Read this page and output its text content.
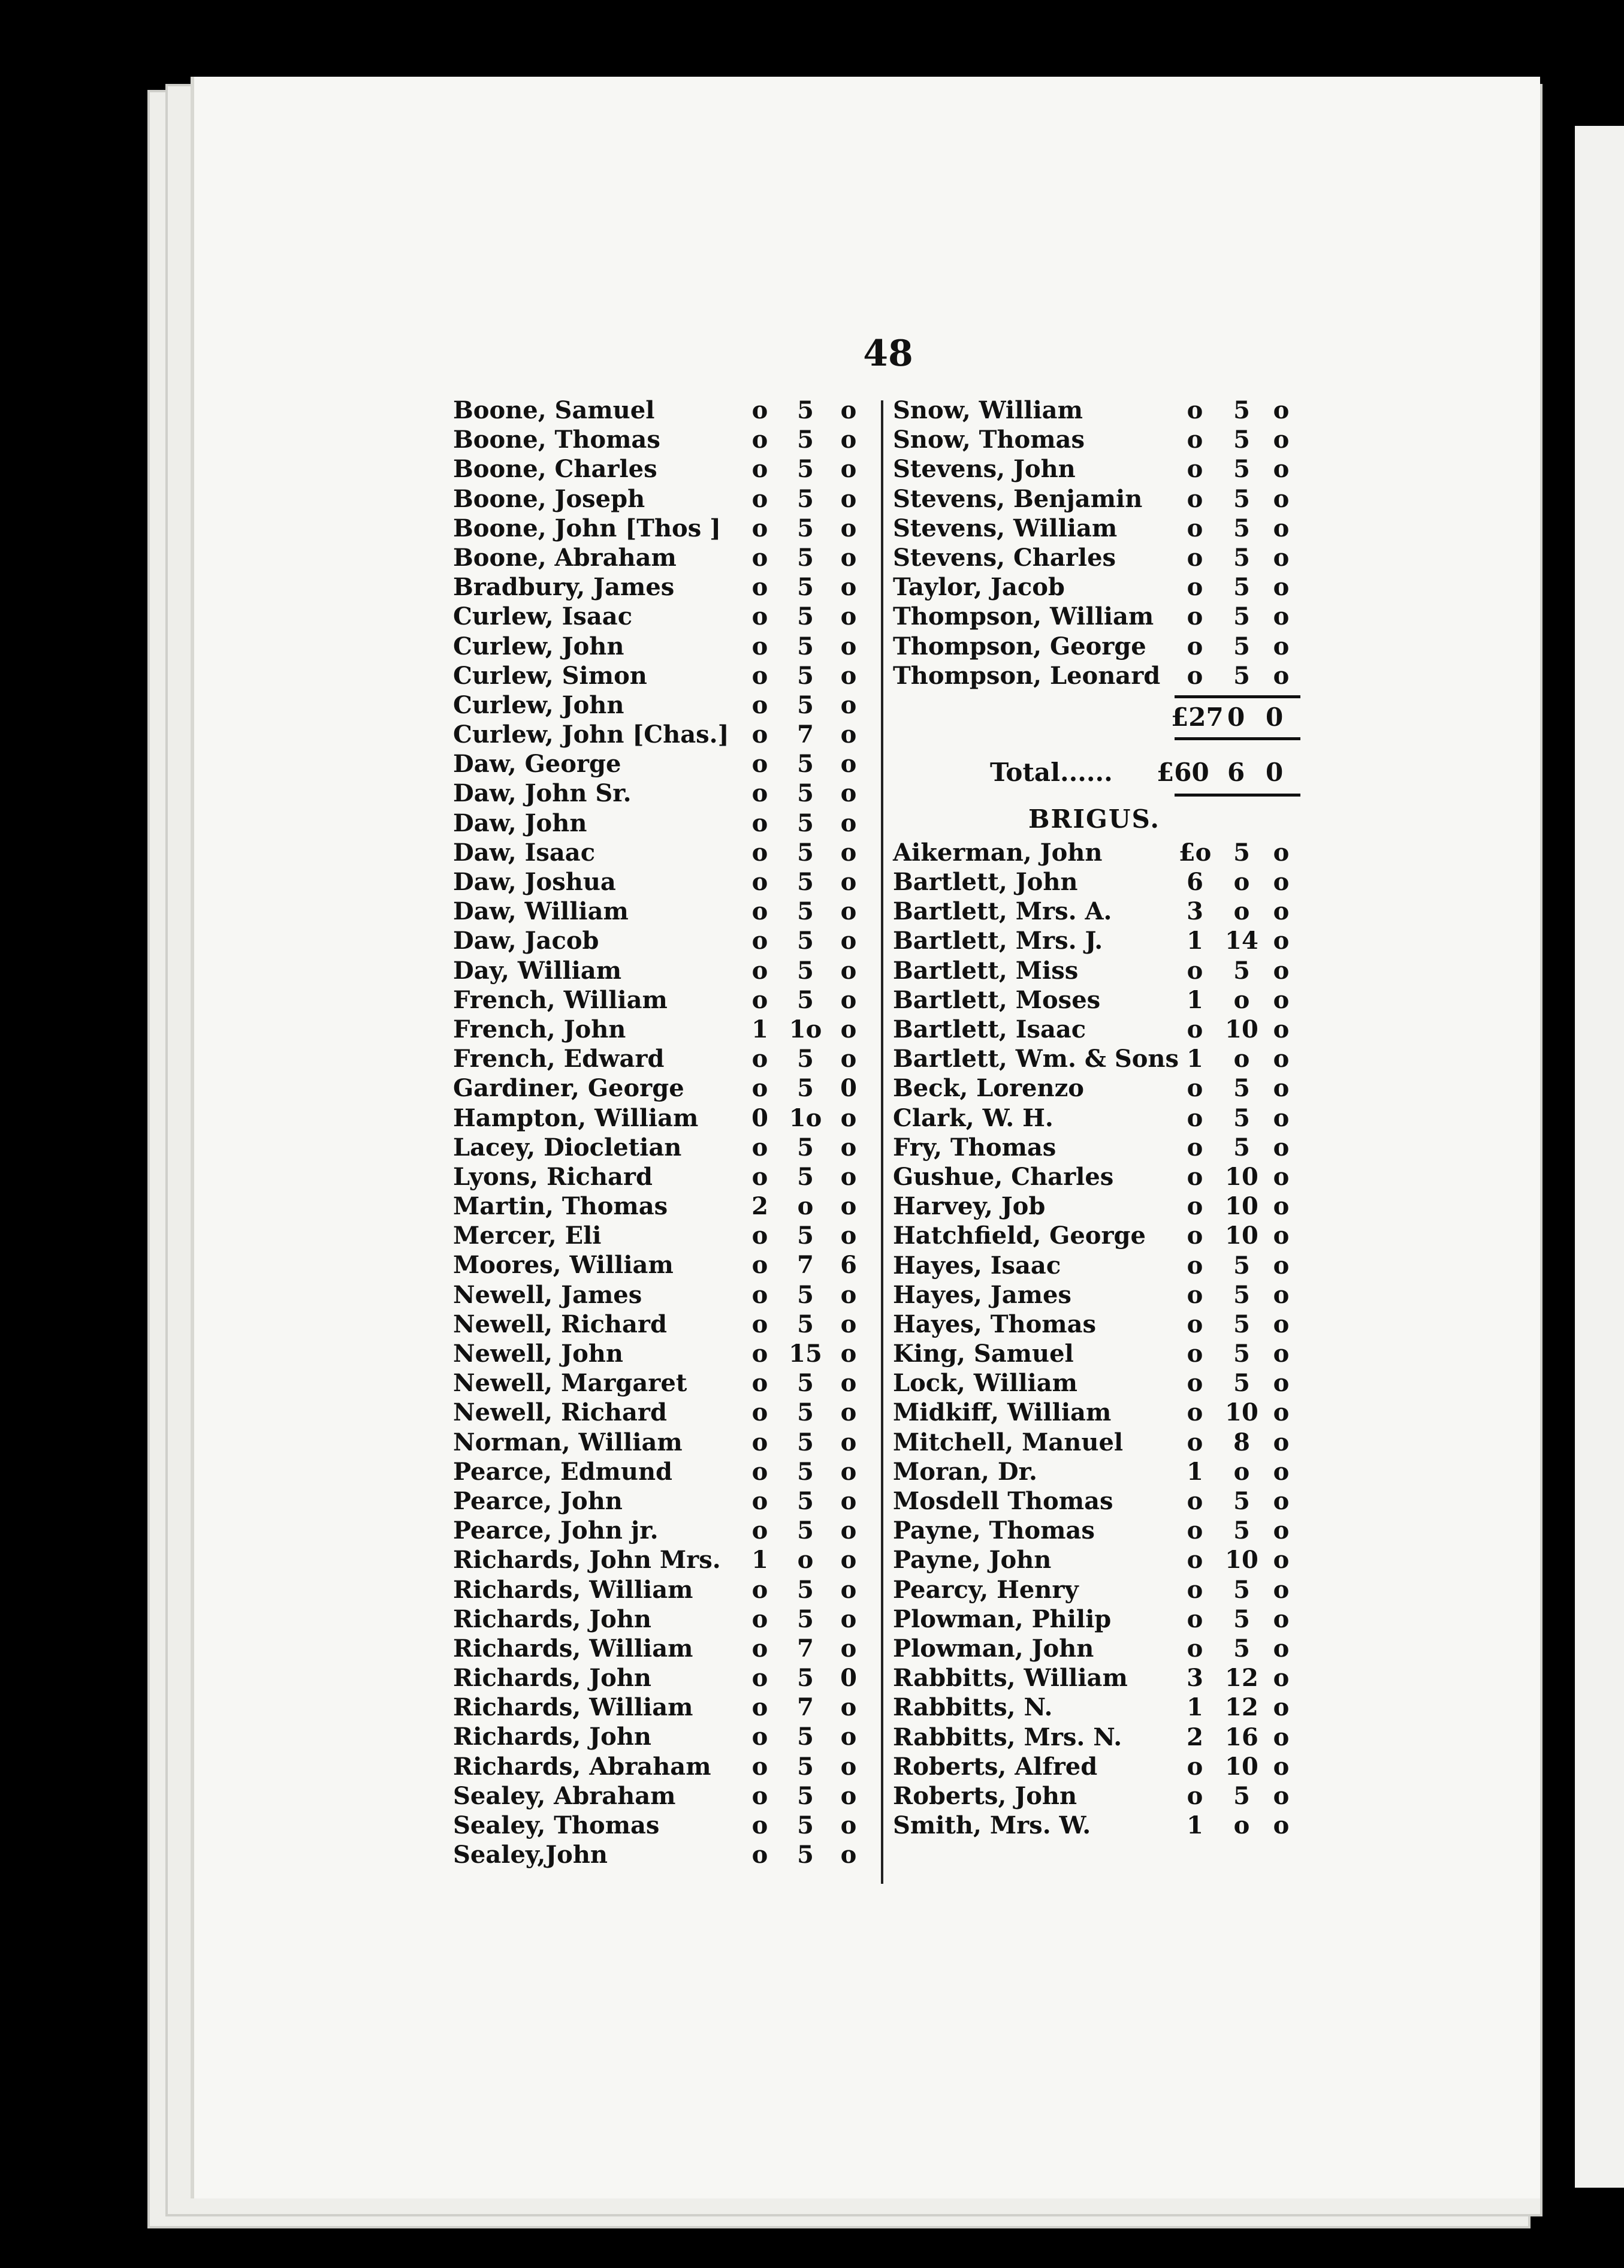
48
Boone, Samuel	o	5	o
Boone, Thomas	o	5	o
Boone, Charles	o	5	o
Boone, Joseph	o	5	o
Boone, John [Thos ]	o	5	o
Boone, Abraham	o	5	o
Bradbury, James	o	5	o
Curlew, Isaac	o	5	o
Curlew, John	o	5	o
Curlew, Simon	o	5	o
Curlew, John	o	5	o
Curlew, John [Chas.] o	7	o
Daw, George	o	5	o
Daw, John Sr.	o	5	o
Daw, John	o	5	o
Daw, Isaac	o	5	o
Daw, Joshua	o	5	o
Daw, William	o	5	o
Daw, Jacob	o	5	o
Day, William	o	5	o
French, William	o	5	o
French, John	1 1o o
French, Edward	o	5	o
Gardiner, George	o	5	0
Hampton, William	0 1o o
Lacey, Diocletian	o	5	o
Lyons, Richard	o	5	o
Martin, Thomas	2	o	o
Mercer, Eli	o	5	o
Moores, William	o	7	6
Newell, James	o	5	o
Newell, Richard	o	5	o
Newell, John	o 15 o
Newell, Margaret	o	5	o
Newell, Richard	o	5	o
Norman, William	o	5	o
Pearce, Edmund	o	5	o
Pearce, John	o	5	o
Pearce, John jr.	o	5	o
Richards, John Mrs.	1	o	o
Richards, William	o	5	o
Richards, John	o	5	o
Richards, William	o	7	o
Richards, John	o	5	0
Richards, William	o	7	o
Richards, John	o	5	o
Richards, Abraham	o	5	o
Sealey, Abraham	o	5	o
Sealey, Thomas	o	5	o
Sealey,John	o	5	o
Snow, William	o	5 o
Snow, Thomas	o	5 o
Stevens, John	o	5 o
Stevens, Benjamin	o	5 o
Stevens, William	o	5 o
Stevens, Charles	o	5 o
Taylor, Jacob	o	5 o
Thompson, William	o	5 o
Thompson, George	o	5 o
Thompson, Leonard	o	5 o
£27 0 0
Total...... £60 6 0
BRIGUS.
Aikerman, John	£o 5 o
Bartlett, John	6	o o
Bartlett, Mrs. A.	3	o o
Bartlett, Mrs. J.	1 14 o
Bartlett, Miss	o	5 o
Bartlett, Moses	1	o o
Bartlett, Isaac	o 10 o
Bartlett, Wm. & Sons 1	o o
Beck, Lorenzo	o	5 o
Clark, W. H.	o	5 o
Fry, Thomas	o	5 o
Gushue, Charles	o 10 o
Harvey, Job	o 10 o
Hatchfield, George	o 10 o
Hayes, Isaac	o	5 o
Hayes, James	o	5 o
Hayes, Thomas	o	5 o
King, Samuel	o	5 o
Lock, William	o	5 o
Midkiff, William	o 10 o
Mitchell, Manuel	o	8 o
Moran, Dr.	1	o o
Mosdell Thomas	o	5 o
Payne, Thomas	o	5 o
Payne, John	o 10 o
Pearcy, Henry	o	5 o
Plowman, Philip	o	5 o
Plowman, John	o	5 o
Rabbitts, William	3 12 o
Rabbitts, N.	1 12 o
Rabbitts, Mrs. N.	2 16 o
Roberts, Alfred	o 10 o
Roberts, John	o	5 o
Smith, Mrs. W.	1	o o
